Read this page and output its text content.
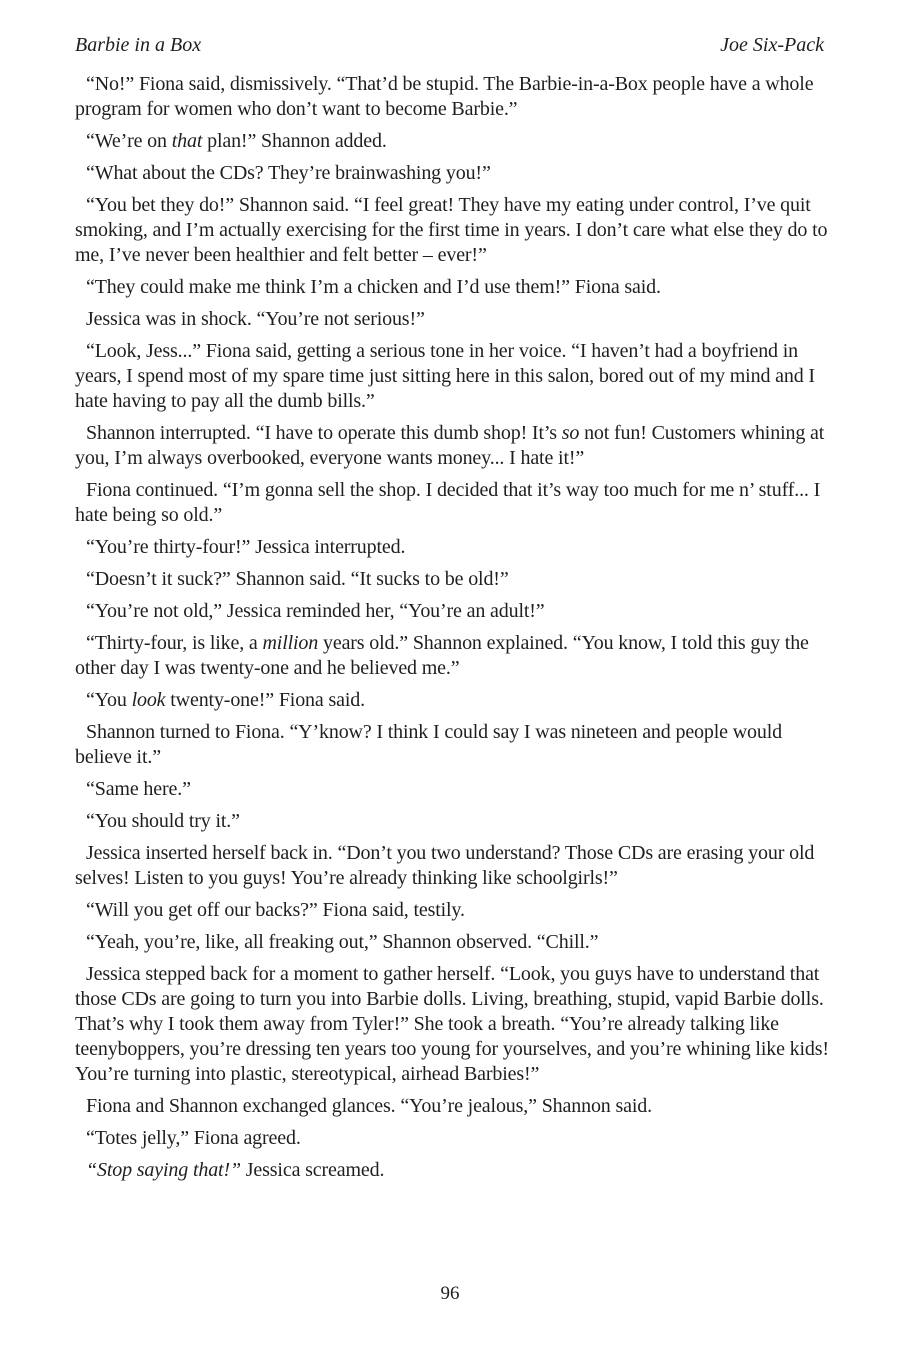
Barbie in a Box	Joe Six-Pack

“No!” Fiona said, dismissively. “That’d be stupid. The Barbie-in-a-Box people have a whole program for women who don’t want to become Barbie.”

“We’re on that plan!” Shannon added.

“What about the CDs? They’re brainwashing you!”

“You bet they do!” Shannon said. “I feel great! They have my eating under control, I’ve quit smoking, and I’m actually exercising for the first time in years. I don’t care what else they do to me, I’ve never been healthier and felt better – ever!”

“They could make me think I’m a chicken and I’d use them!” Fiona said.

Jessica was in shock. “You’re not serious!”

“Look, Jess...” Fiona said, getting a serious tone in her voice. “I haven’t had a boyfriend in years, I spend most of my spare time just sitting here in this salon, bored out of my mind and I hate having to pay all the dumb bills.”

Shannon interrupted. “I have to operate this dumb shop! It’s so not fun! Customers whining at you, I’m always overbooked, everyone wants money... I hate it!”

Fiona continued. “I’m gonna sell the shop. I decided that it’s way too much for me n’ stuff... I hate being so old.”

“You’re thirty-four!” Jessica interrupted.

“Doesn’t it suck?” Shannon said. “It sucks to be old!”

“You’re not old,” Jessica reminded her, “You’re an adult!”

“Thirty-four, is like, a million years old.” Shannon explained. “You know, I told this guy the other day I was twenty-one and he believed me.”

“You look twenty-one!” Fiona said.

Shannon turned to Fiona. “Y’know? I think I could say I was nineteen and people would believe it.”

“Same here.”

“You should try it.”

Jessica inserted herself back in. “Don’t you two understand? Those CDs are erasing your old selves! Listen to you guys! You’re already thinking like schoolgirls!”

“Will you get off our backs?” Fiona said, testily.

“Yeah, you’re, like, all freaking out,” Shannon observed. “Chill.”

Jessica stepped back for a moment to gather herself. “Look, you guys have to understand that those CDs are going to turn you into Barbie dolls. Living, breathing, stupid, vapid Barbie dolls. That’s why I took them away from Tyler!” She took a breath. “You’re already talking like teenyboppers, you’re dressing ten years too young for yourselves, and you’re whining like kids! You’re turning into plastic, stereotypical, airhead Barbies!”

Fiona and Shannon exchanged glances. “You’re jealous,” Shannon said.

“Totes jelly,” Fiona agreed.

“Stop saying that!” Jessica screamed.

96
